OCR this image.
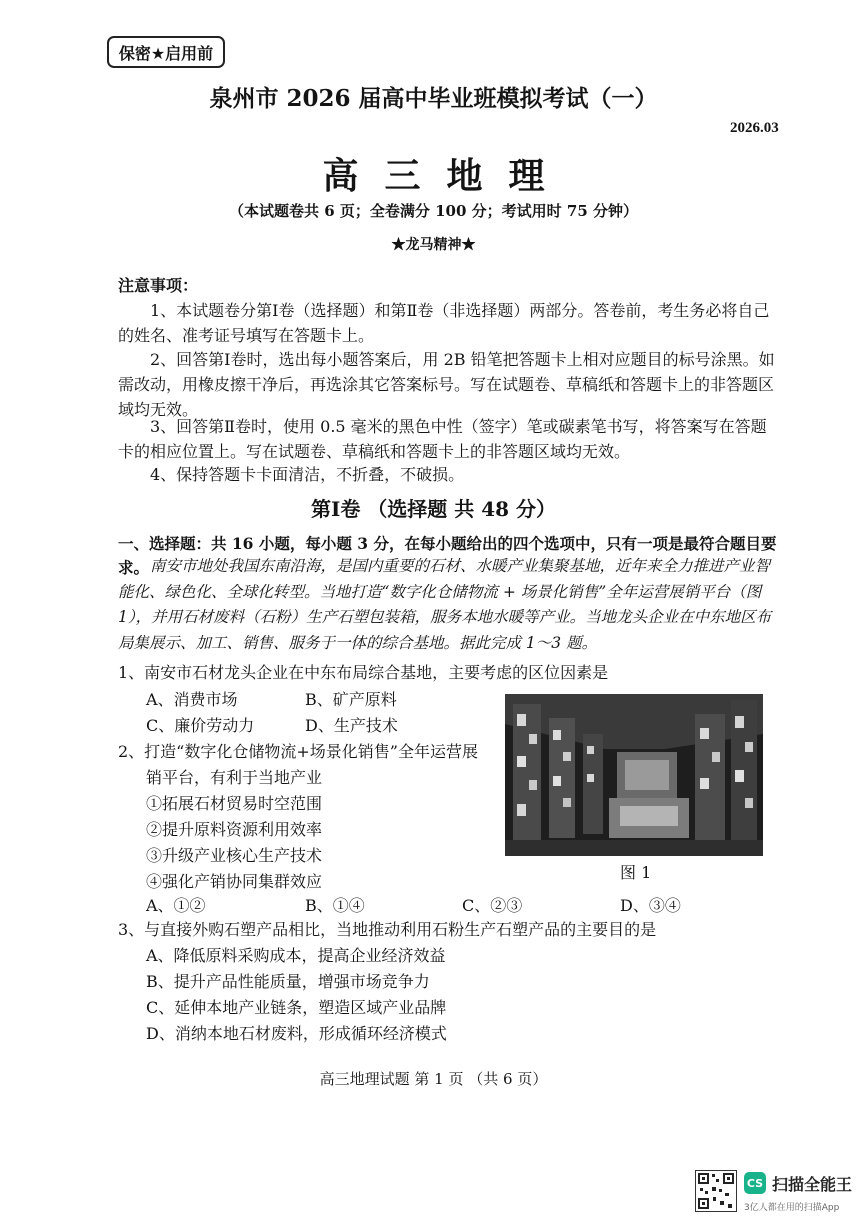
保密★启用前
泉州市 2026 届高中毕业班模拟考试（一）
2026.03
高三地理
（本试题卷共 6 页；全卷满分 100 分；考试用时 75 分钟）
★龙马精神★
注意事项：
1、本试题卷分第Ⅰ卷（选择题）和第Ⅱ卷（非选择题）两部分。答卷前，考生务必将自己的姓名、准考证号填写在答题卡上。
2、回答第Ⅰ卷时，选出每小题答案后，用 2B 铅笔把答题卡上相对应题目的标号涂黑。如需改动，用橡皮擦干净后，再选涂其它答案标号。写在试题卷、草稿纸和答题卡上的非答题区域均无效。
3、回答第Ⅱ卷时，使用 0.5 毫米的黑色中性（签字）笔或碳素笔书写，将答案写在答题卡的相应位置上。写在试题卷、草稿纸和答题卡上的非答题区域均无效。
4、保持答题卡卡面清洁，不折叠，不破损。
第Ⅰ卷 （选择题 共 48 分）
一、选择题：共 16 小题，每小题 3 分，在每小题给出的四个选项中，只有一项是最符合题目要求。 南安市地处我国东南沿海，是国内重要的石材、水暖产业集聚基地，近年来全力推进产业智能化、绿色化、全球化转型。当地打造“数字化仓储物流 + 场景化销售”全年运营展销平台（图 1），并用石材废料（石粉）生产石塑包装箱，服务本地水暖等产业。当地龙头企业在中东地区布局集展示、加工、销售、服务于一体的综合基地。据此完成 1～3 题。
1、南安市石材龙头企业在中东布局综合基地，主要考虑的区位因素是
A、消费市场	B、矿产原料
C、廉价劳动力	D、生产技术
2、打造“数字化仓储物流+场景化销售”全年运营展
销平台，有利于当地产业
①拓展石材贸易时空范围
②提升原料资源利用效率
③升级产业核心生产技术
④强化产销协同集群效应
A、①②	B、①④	C、②③	D、③④
图 1
3、与直接外购石塑产品相比，当地推动利用石粉生产石塑产品的主要目的是
A、降低原料采购成本，提高企业经济效益
B、提升产品性能质量，增强市场竞争力
C、延伸本地产业链条，塑造区域产业品牌
D、消纳本地石材废料，形成循环经济模式
高三地理试题 第 1 页 （共 6 页）
CS 扫描全能王
3亿人都在用的扫描App
